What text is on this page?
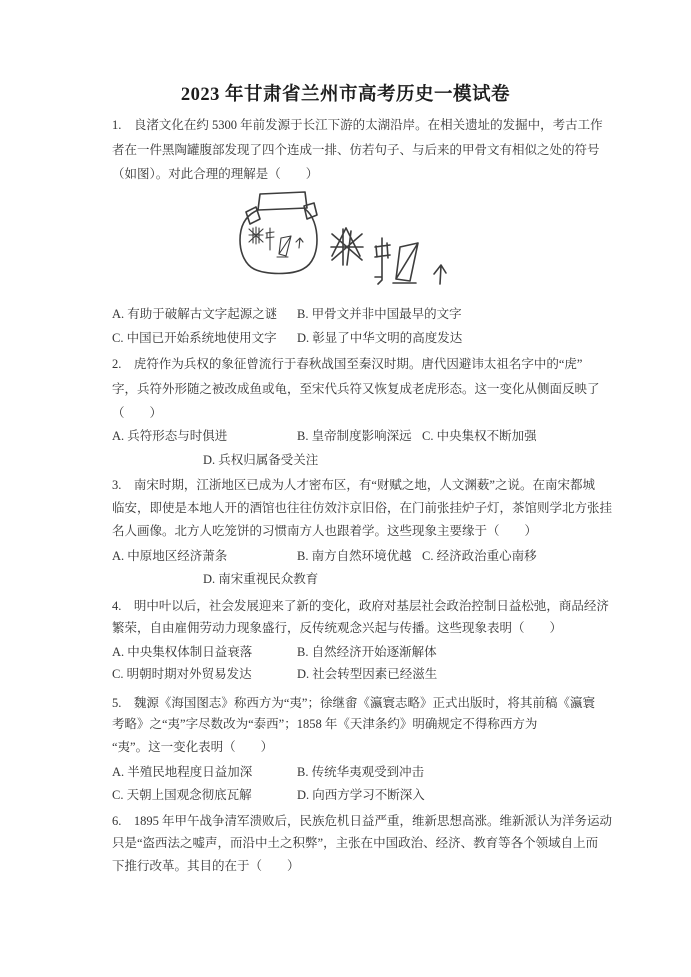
2023 年甘肃省兰州市高考历史一模试卷
1.　良渚文化在约 5300 年前发源于长江下游的太湖沿岸。在相关遗址的发掘中，考古工作
者在一件黑陶罐腹部发现了四个连成一排、仿若句子、与后来的甲骨文有相似之处的符号
（如图）。对此合理的理解是（　　）
A. 有助于破解古文字起源之谜 B. 甲骨文并非中国最早的文字
C. 中国已开始系统地使用文字 D. 彰显了中华文明的高度发达
2.　虎符作为兵权的象征曾流行于春秋战国至秦汉时期。唐代因避讳太祖名字中的“虎”
字，兵符外形随之被改成鱼或龟，至宋代兵符又恢复成老虎形态。这一变化从侧面反映了
（　　）
A. 兵符形态与时俱进	B. 皇帝制度影响深远 C. 中央集权不断加强
D. 兵权归属备受关注
3.　南宋时期，江浙地区已成为人才密布区，有“财赋之地，人文渊薮”之说。在南宋都城
临安，即使是本地人开的酒馆也往往仿效汴京旧俗，在门前张挂炉子灯，茶馆则学北方张挂
名人画像。北方人吃笼饼的习惯南方人也跟着学。这些现象主要缘于（　　）
A. 中原地区经济萧条	B. 南方自然环境优越 C. 经济政治重心南移
D. 南宋重视民众教育
4.　明中叶以后，社会发展迎来了新的变化，政府对基层社会政治控制日益松弛，商品经济
繁荣，自由雇佣劳动力现象盛行，反传统观念兴起与传播。这些现象表明（　　）
A. 中央集权体制日益衰落	B. 自然经济开始逐渐解体
C. 明朝时期对外贸易发达	D. 社会转型因素已经滋生
5.　魏源《海国图志》称西方为“夷”；徐继畬《瀛寰志略》正式出版时，将其前稿《瀛寰
考略》之“夷”字尽数改为“泰西”；1858 年《天津条约》明确规定不得称西方为
“夷”。这一变化表明（　　）
A. 半殖民地程度日益加深	B. 传统华夷观受到冲击
C. 天朝上国观念彻底瓦解	D. 向西方学习不断深入
6.　1895 年甲午战争清军溃败后，民族危机日益严重，维新思想高涨。维新派认为洋务运动
只是“盗西法之嘘声，而沿中土之积弊”，主张在中国政治、经济、教育等各个领域自上而
下推行改革。其目的在于（　　）
